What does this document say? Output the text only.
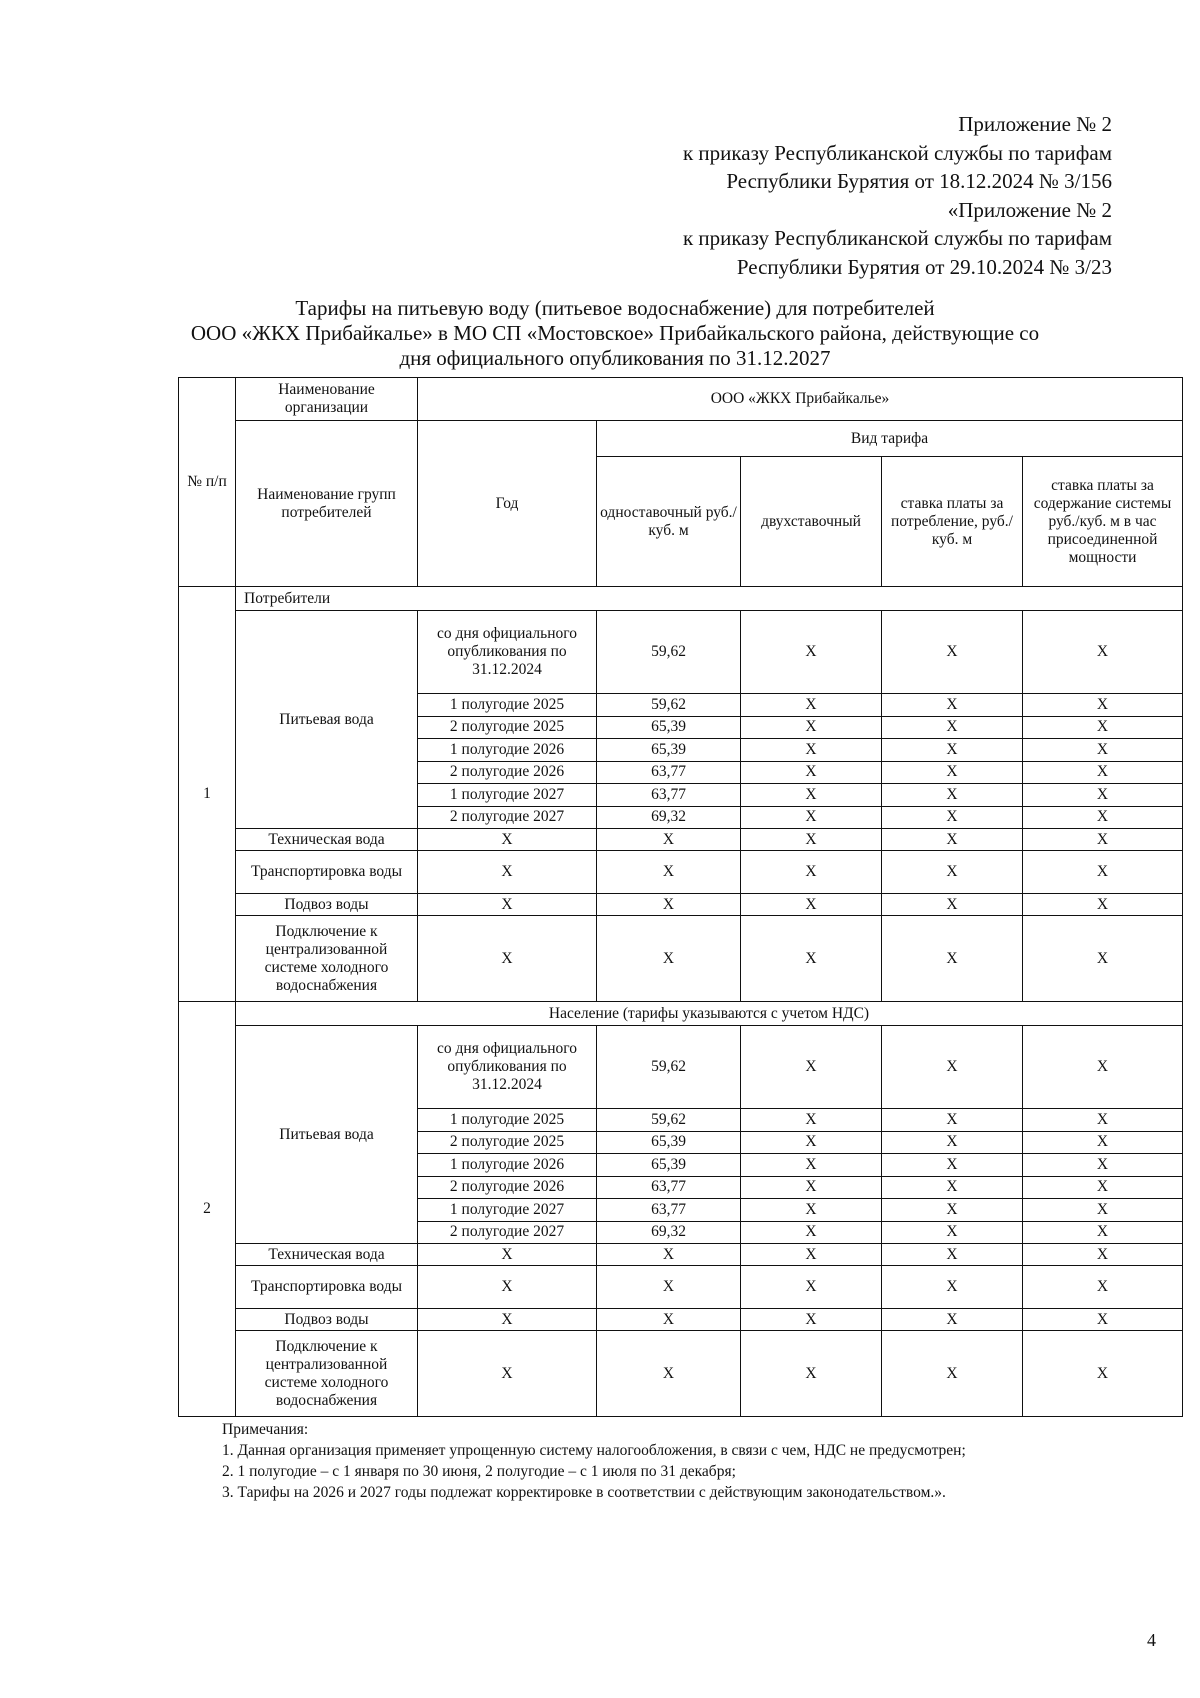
Приложение № 2
к приказу Республиканской службы по тарифам
Республики Бурятия от 18.12.2024 № 3/156
«Приложение № 2
к приказу Республиканской службы по тарифам
Республики Бурятия от 29.10.2024 № 3/23
Тарифы на питьевую воду (питьевое водоснабжение) для потребителей
ООО «ЖКХ Прибайкалье» в МО СП «Мостовское» Прибайкальского района, действующие со
дня официального опубликования по 31.12.2027
№ п/п	Наименование организации	ООО «ЖКХ Прибайкалье»				
	Наименование групп потребителей	Год	Вид тарифа			
			одноставочный руб./ куб. м	двухставочный	ставка платы за потребление, руб./ куб. м	ставка платы за содержание системы руб./куб. м в час присоединенной мощности
1	Потребители					
	Питьевая вода	со дня официального опубликования по 31.12.2024	59,62	X	X	X
		1 полугодие 2025	59,62	X	X	X
		2 полугодие 2025	65,39	X	X	X
		1 полугодие 2026	65,39	X	X	X
		2 полугодие 2026	63,77	X	X	X
		1 полугодие 2027	63,77	X	X	X
		2 полугодие 2027	69,32	X	X	X
	Техническая вода	X	X	X	X	X
	Транспортировка воды	X	X	X	X	X
	Подвоз воды	X	X	X	X	X
	Подключение к централизованной системе холодного водоснабжения	X	X	X	X	X
2	Население (тарифы указываются с учетом НДС)					
	Питьевая вода	со дня официального опубликования по 31.12.2024	59,62	X	X	X
		1 полугодие 2025	59,62	X	X	X
		2 полугодие 2025	65,39	X	X	X
		1 полугодие 2026	65,39	X	X	X
		2 полугодие 2026	63,77	X	X	X
		1 полугодие 2027	63,77	X	X	X
		2 полугодие 2027	69,32	X	X	X
	Техническая вода	X	X	X	X	X
	Транспортировка воды	X	X	X	X	X
	Подвоз воды	X	X	X	X	X
	Подключение к централизованной системе холодного водоснабжения	X	X	X	X	X
Примечания:
1. Данная организация применяет упрощенную систему налогообложения, в связи с чем, НДС не предусмотрен;
2. 1 полугодие – с 1 января по 30 июня, 2 полугодие – с 1 июля по 31 декабря;
3. Тарифы на 2026 и 2027 годы подлежат корректировке в соответствии с действующим законодательством.».
4
